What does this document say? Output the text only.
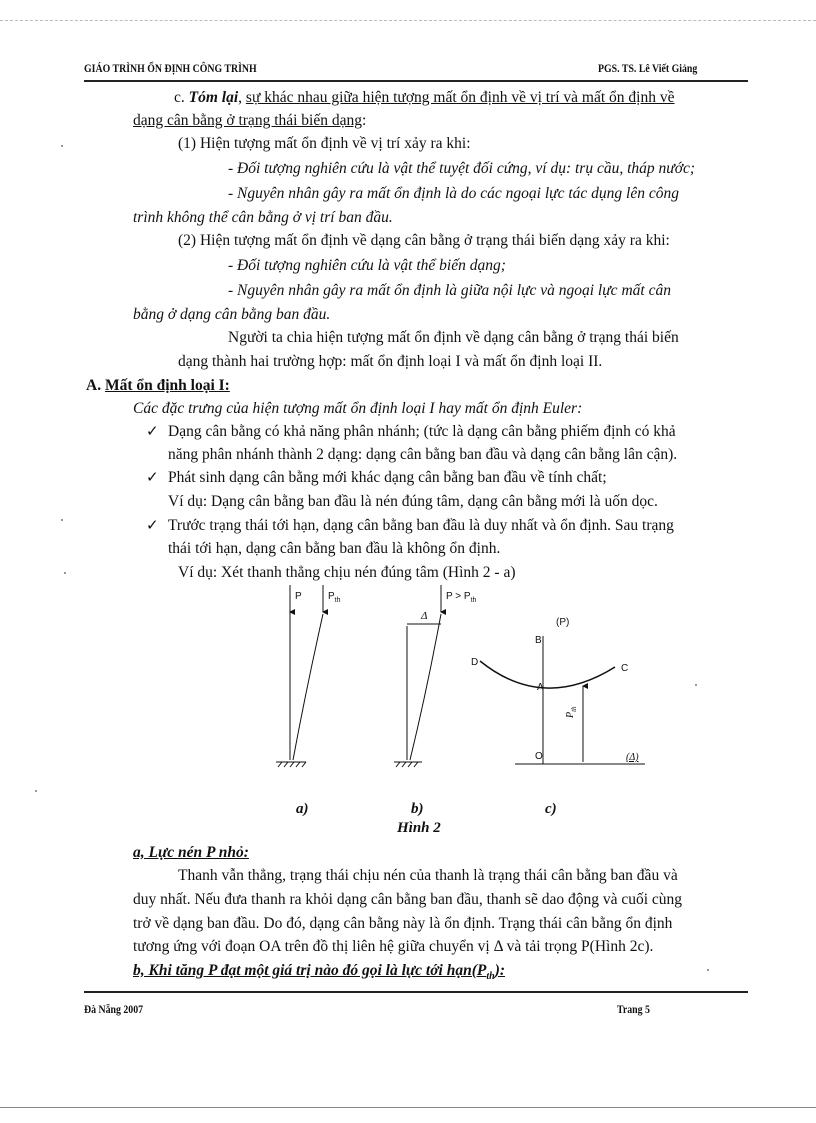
GIÁO TRÌNH ỔN ĐỊNH CÔNG TRÌNH	PGS. TS. Lê Viết Giảng
c. Tóm lại, sự khác nhau giữa hiện tượng mất ổn định về vị trí và mất ổn định về
dạng cân bằng ở trạng thái biến dạng:
(1) Hiện tượng mất ổn định về vị trí xảy ra khi:
- Đối tượng nghiên cứu là vật thể tuyệt đối cứng, ví dụ: trụ cầu, tháp nước;
- Nguyên nhân gây ra mất ổn định là do các ngoại lực tác dụng lên công
trình không thể cân bằng ở vị trí ban đầu.
(2) Hiện tượng mất ổn định về dạng cân bằng ở trạng thái biến dạng xảy ra khi:
- Đối tượng nghiên cứu là vật thể biến dạng;
- Nguyên nhân gây ra mất ổn định là giữa nội lực và ngoại lực mất cân
bằng ở dạng cân bằng ban đầu.
Người ta chia hiện tượng mất ổn định về dạng cân bằng ở trạng thái biến
dạng thành hai trường hợp: mất ổn định loại I và mất ổn định loại II.
A. Mất ổn định loại I:
Các đặc trưng của hiện tượng mất ổn định loại I hay mất ổn định Euler:
✓ Dạng cân bằng có khả năng phân nhánh; (tức là dạng cân bằng phiếm định có khả
năng phân nhánh thành 2 dạng: dạng cân bằng ban đầu và dạng cân bằng lân cận).
✓ Phát sinh dạng cân bằng mới khác dạng cân bằng ban đầu về tính chất;
Ví dụ: Dạng cân bằng ban đầu là nén đúng tâm, dạng cân bằng mới là uốn dọc.
✓ Trước trạng thái tới hạn, dạng cân bằng ban đầu là duy nhất và ổn định. Sau trạng
thái tới hạn, dạng cân bằng ban đầu là không ổn định.
Ví dụ: Xét thanh thẳng chịu nén đúng tâm (Hình 2 - a)
P	$P_{th}$	$P > P_{th}$
Δ
(P)
B
D
C
A
O	(Δ)
$P_{th}$
a)	b)	c)
Hình 2
a, Lực nén P nhỏ:
Thanh vẫn thẳng, trạng thái chịu nén của thanh là trạng thái cân bằng ban đầu và
duy nhất. Nếu đưa thanh ra khỏi dạng cân bằng ban đầu, thanh sẽ dao động và cuối cùng
trở về dạng ban đầu. Do đó, dạng cân bằng này là ổn định. Trạng thái cân bằng ổn định
tương ứng với đoạn OA trên đồ thị liên hệ giữa chuyển vị Δ và tải trọng P(Hình 2c).
b, Khi tăng P đạt một giá trị nào đó gọi là lực tới $hạn(P_{th})$:
Đà Nẵng 2007	Trang 5
